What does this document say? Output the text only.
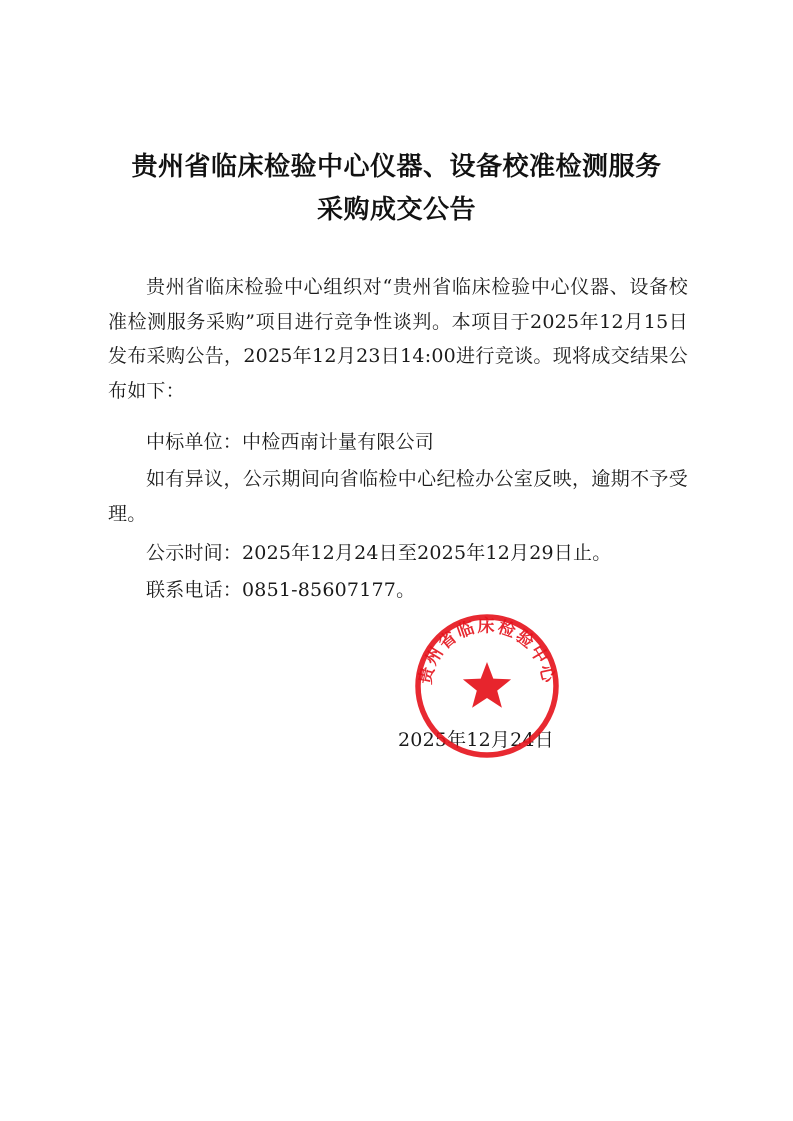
贵州省临床检验中心仪器、设备校准检测服务
采购成交公告
贵州省临床检验中心组织对“贵州省临床检验中心仪器、设备校准检测服务采购”项目进行竞争性谈判。本项目于2025年12月15日发布采购公告，2025年12月23日14:00进行竞谈。现将成交结果公布如下：
中标单位：中检西南计量有限公司
如有异议，公示期间向省临检中心纪检办公室反映，逾期不予受理。
公示时间：2025年12月24日至2025年12月29日止。
联系电话：0851-85607177。
2025年12月24日
贵州省临床检验中心
